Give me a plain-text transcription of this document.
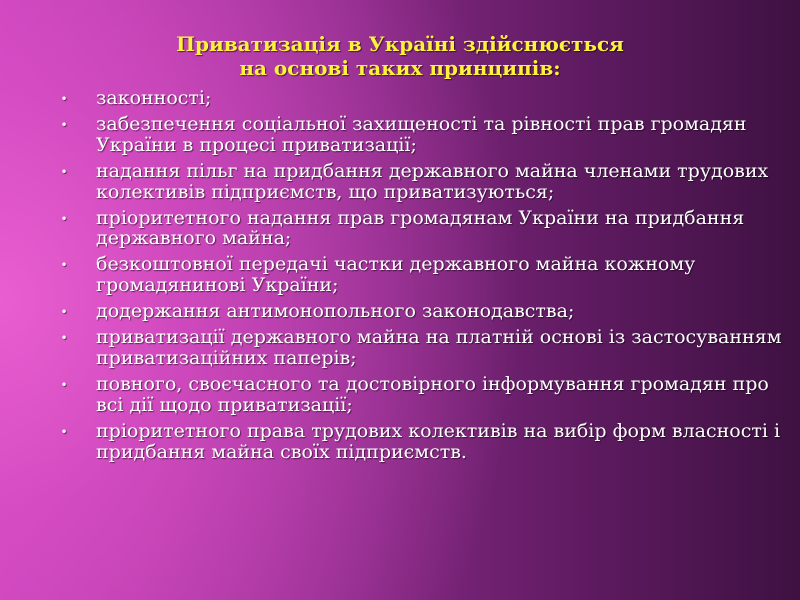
Приватизація в Україні здійснюється
на основі таких принципів:
• законності;
• забезпечення соціальної захищеності та рівності прав громадян України в процесі приватизації;
• надання пільг на придбання державного майна членами трудових колективів підприємств, що приватизуються;
• пріоритетного надання прав громадянам України на придбання державного майна;
• безкоштовної передачі частки державного майна кожному громадянинові України;
• додержання антимонопольного законодавства;
• приватизації державного майна на платній основі із застосуванням приватизаційних паперів;
• повного, своєчасного та достовірного інформування громадян про всі дії щодо приватизації;
• пріоритетного права трудових колективів на вибір форм власності і придбання майна своїх підприємств.
